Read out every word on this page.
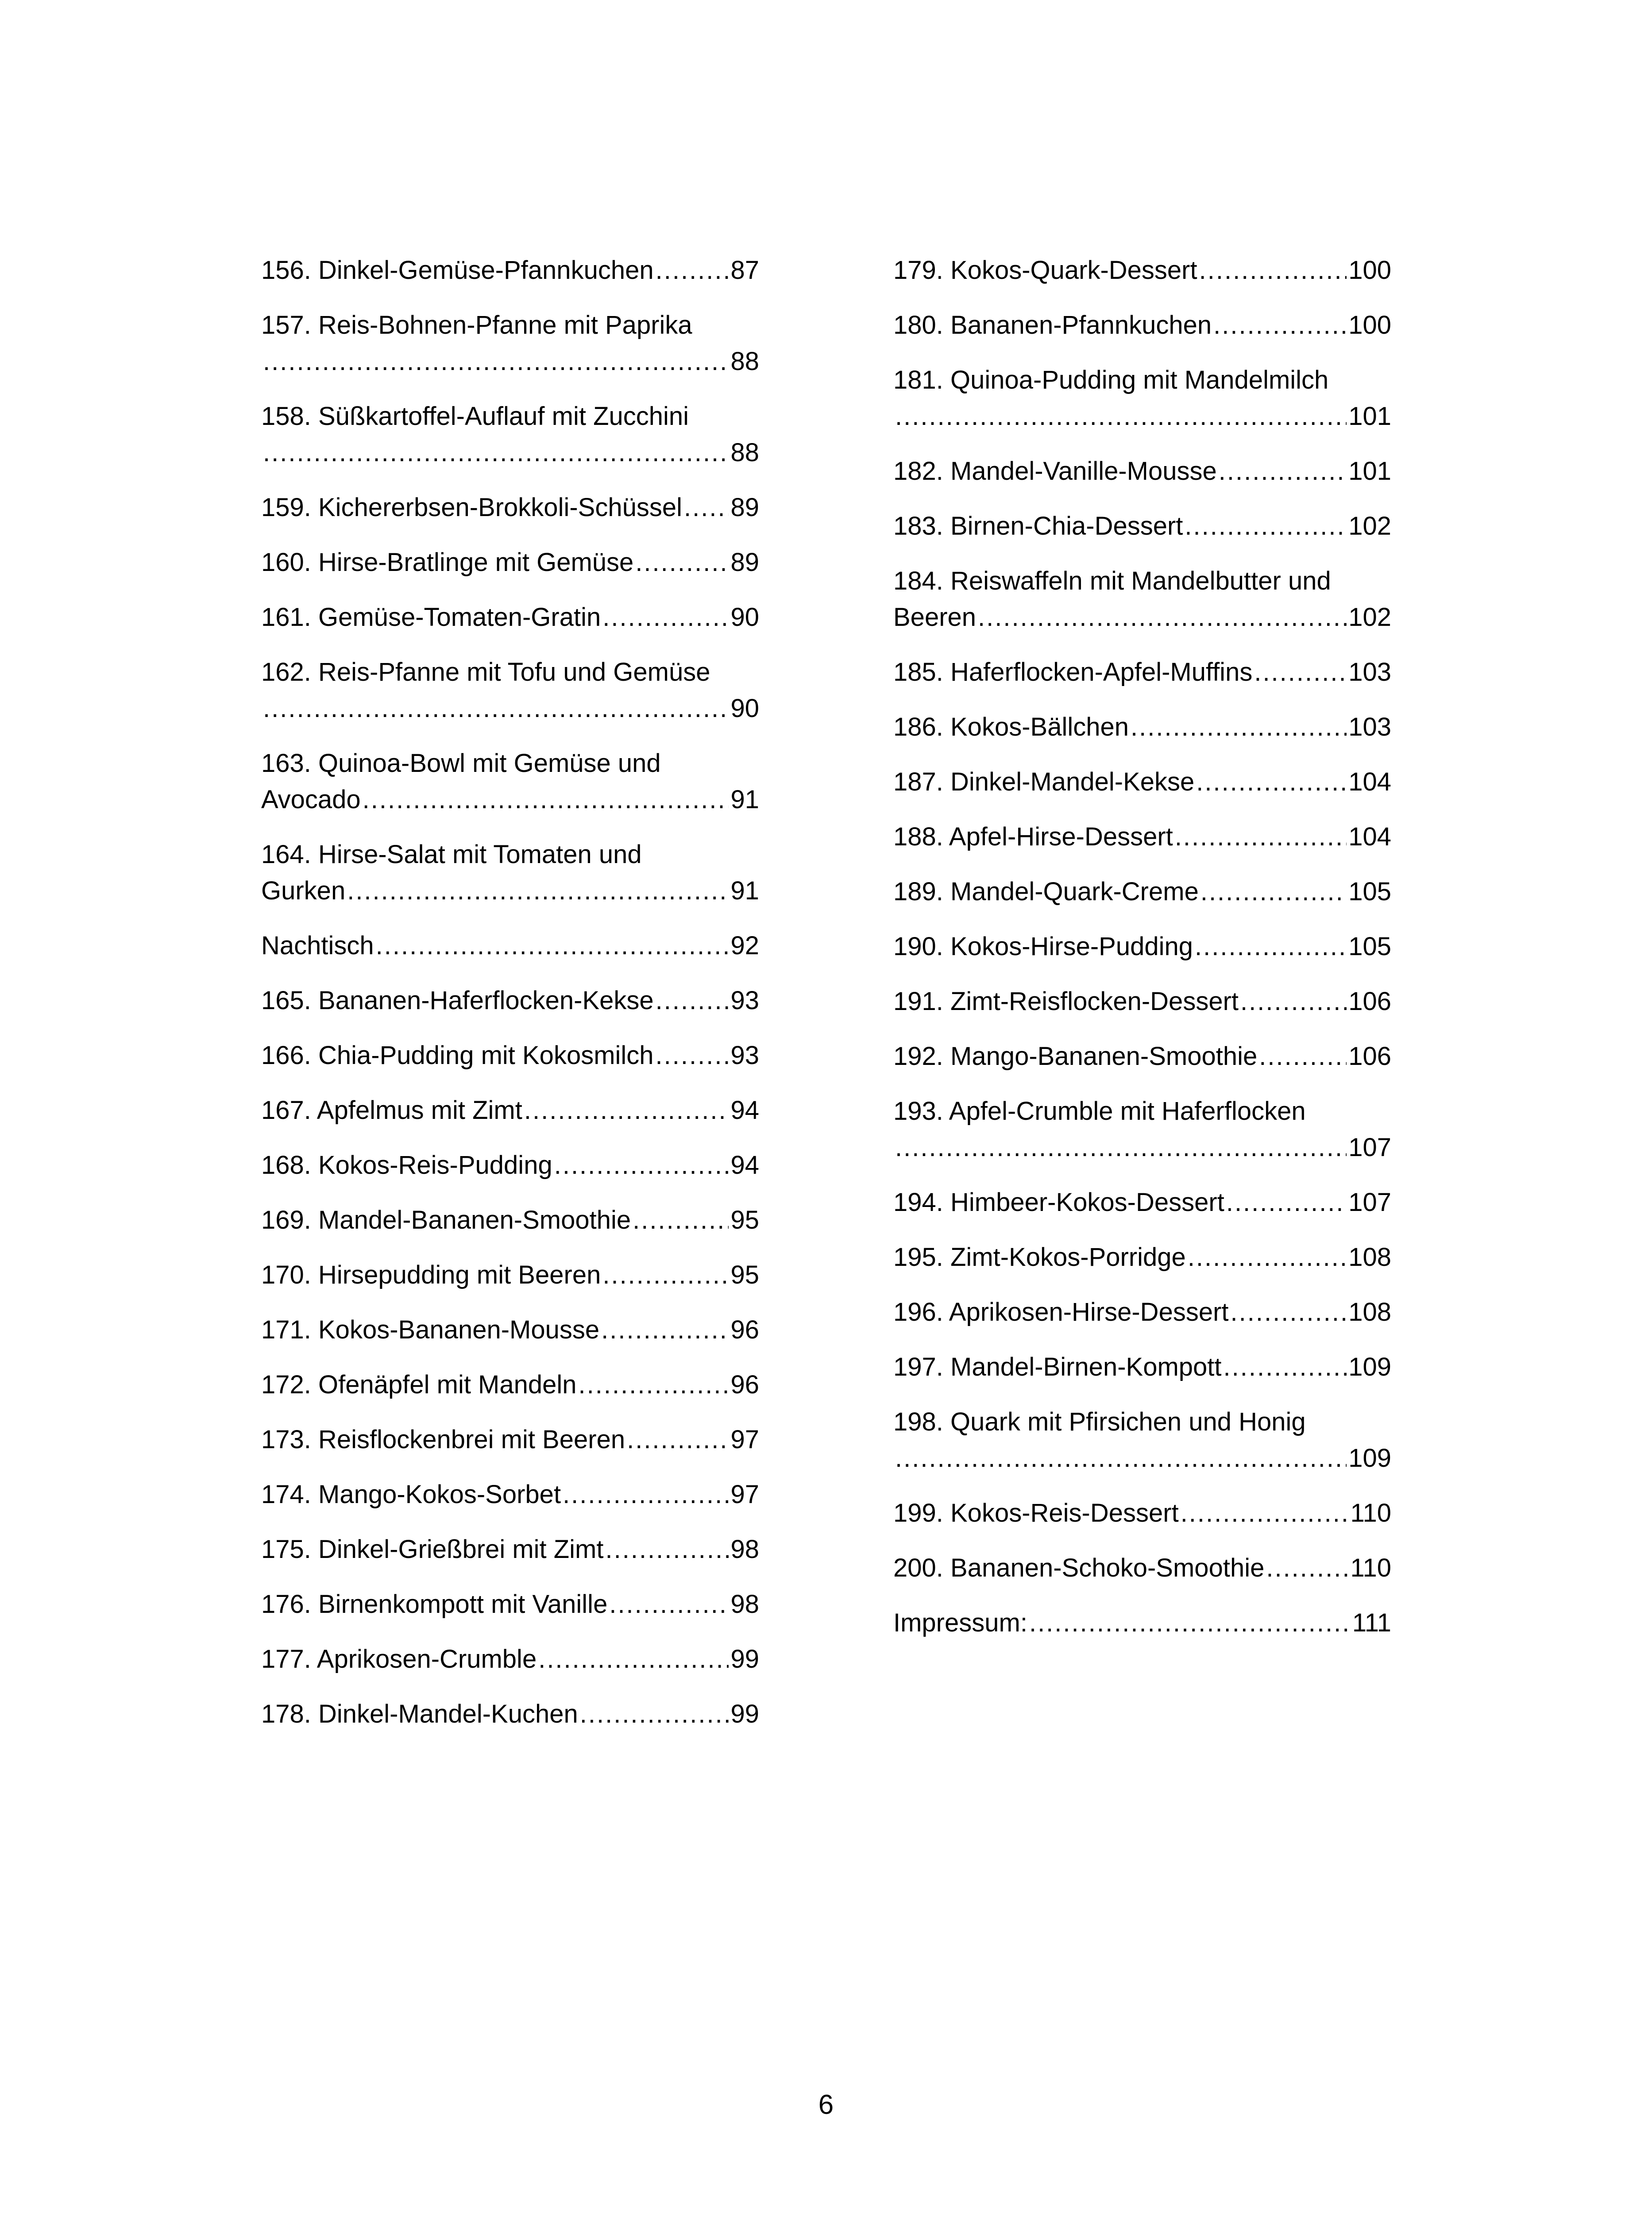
156. Dinkel-Gemüse-Pfannkuchen .....	87
157. Reis-Bohnen-Pfanne mit Paprika
.....
88
158. Süßkartoffel-Auflauf mit Zucchini
.....
88
159. Kichererbsen-Brokkoli-Schüssel ..... 89
160. Hirse-Bratlinge mit Gemüse .....	89
161. Gemüse-Tomaten-Gratin .....	90
162. Reis-Pfanne mit Tofu und Gemüse
.....
90
163. Quinoa-Bowl mit Gemüse und
Avocado .....	91
164. Hirse-Salat mit Tomaten und
Gurken .....	91
Nachtisch .....	92
165. Bananen-Haferflocken-Kekse .....	93
166. Chia-Pudding mit Kokosmilch .....	93
167. Apfelmus mit Zimt .....	94
168. Kokos-Reis-Pudding .....	94
169. Mandel-Bananen-Smoothie .....	95
170. Hirsepudding mit Beeren .....	95
171. Kokos-Bananen-Mousse .....	96
172. Ofenäpfel mit Mandeln .....	96
173. Reisflockenbrei mit Beeren .....	97
174. Mango-Kokos-Sorbet .....	97
175. Dinkel-Grießbrei mit Zimt .....	98
176. Birnenkompott mit Vanille .....	98
177. Aprikosen-Crumble .....	99
178. Dinkel-Mandel-Kuchen .....	99
179. Kokos-Quark-Dessert .....	100
180. Bananen-Pfannkuchen .....	100
181. Quinoa-Pudding mit Mandelmilch
.....
101
182. Mandel-Vanille-Mousse .....	101
183. Birnen-Chia-Dessert .....	102
184. Reiswaffeln mit Mandelbutter und
Beeren .....	102
185. Haferflocken-Apfel-Muffins .....	103
186. Kokos-Bällchen .....	103
187. Dinkel-Mandel-Kekse .....	104
188. Apfel-Hirse-Dessert .....	104
189. Mandel-Quark-Creme .....	105
190. Kokos-Hirse-Pudding .....	105
191. Zimt-Reisflocken-Dessert .....	106
192. Mango-Bananen-Smoothie .....	106
193. Apfel-Crumble mit Haferflocken
.....
107
194. Himbeer-Kokos-Dessert .....	107
195. Zimt-Kokos-Porridge .....	108
196. Aprikosen-Hirse-Dessert .....	108
197. Mandel-Birnen-Kompott .....	109
198. Quark mit Pfirsichen und Honig
.....
109
199. Kokos-Reis-Dessert .....	110
200. Bananen-Schoko-Smoothie .....	110
Impressum: .....	111
6
